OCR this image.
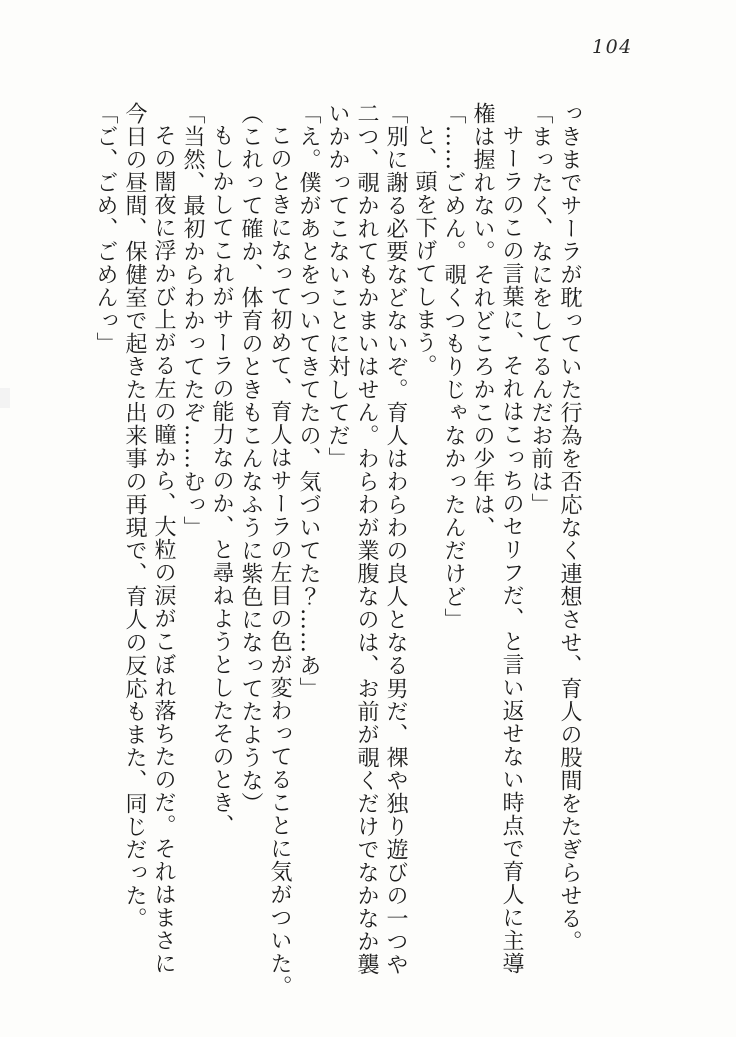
104
っきまでサーラが耽っていた行為を否応なく連想させ、育人の股間をたぎらせる。
「まったく、なにをしてるんだお前は」
サーラのこの言葉に、それはこっちのセリフだ、と言い返せない時点で育人に主導
権は握れない。それどころかこの少年は、
「……ごめん。覗くつもりじゃなかったんだけど」
と、頭を下げてしまう。
「別に謝る必要などないぞ。育人はわらわの良人となる男だ、裸や独り遊びの一つや
二つ、覗かれてもかまいはせん。わらわが業腹なのは、お前が覗くだけでなかなか襲
いかかってこないことに対してだ」
「え。僕があとをついてきてたの、気づいてた？……あ」
このときになって初めて、育人はサーラの左目の色が変わってることに気がついた。
（これって確か、体育のときもこんなふうに紫色になってたような）
もしかしてこれがサーラの能力なのか、と尋ねようとしたそのとき、
「当然、最初からわかってたぞ……むっ」
その闇夜に浮かび上がる左の瞳から、大粒の涙がこぼれ落ちたのだ。それはまさに
今日の昼間、保健室で起きた出来事の再現で、育人の反応もまた、同じだった。
「ご、ごめ、ごめんっ」
